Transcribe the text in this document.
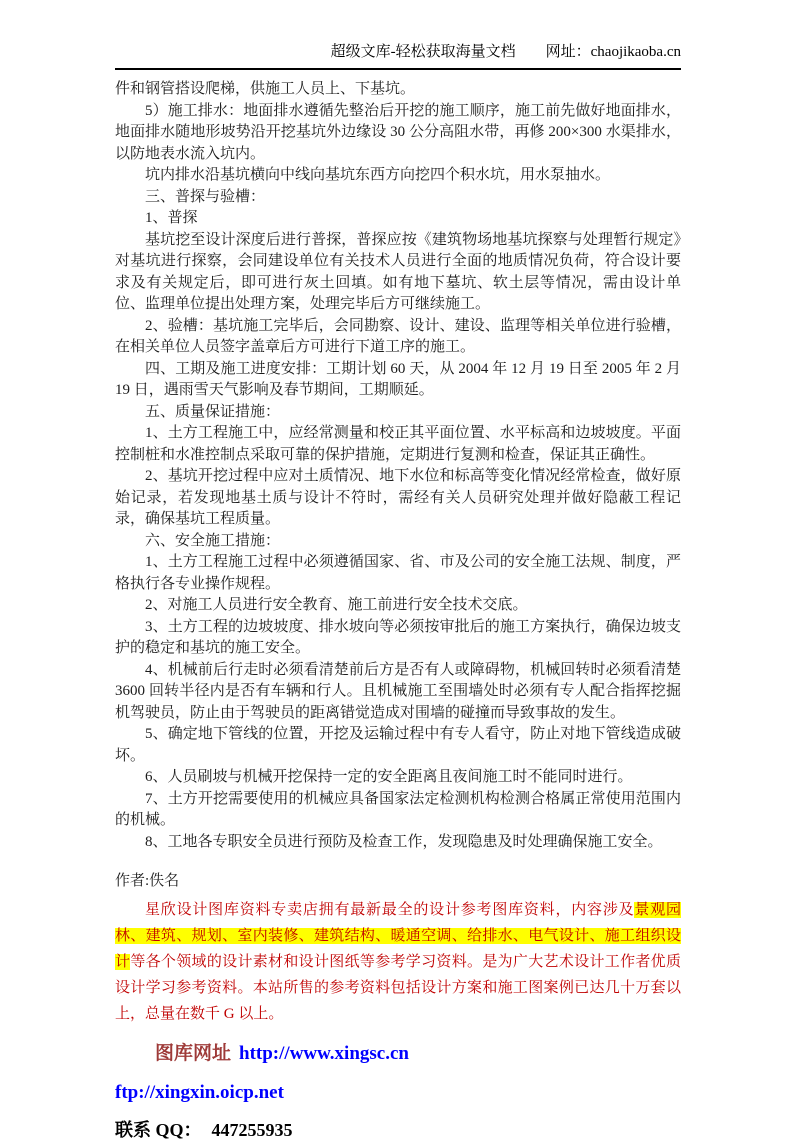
超级文库-轻松获取海量文档 网址：chaojikaoba.cn

件和钢管搭设爬梯，供施工人员上、下基坑。

5）施工排水：地面排水遵循先整治后开挖的施工顺序，施工前先做好地面排水，地面排水随地形坡势沿开挖基坑外边缘设 30 公分高阻水带，再修 200×300 水渠排水，以防地表水流入坑内。

坑内排水沿基坑横向中线向基坑东西方向挖四个积水坑，用水泵抽水。

三、普探与验槽：

1、普探

基坑挖至设计深度后进行普探，普探应按《建筑物场地基坑探察与处理暂行规定》对基坑进行探察，会同建设单位有关技术人员进行全面的地质情况负荷，符合设计要求及有关规定后，即可进行灰土回填。如有地下墓坑、软土层等情况，需由设计单位、监理单位提出处理方案，处理完毕后方可继续施工。

2、验槽：基坑施工完毕后，会同勘察、设计、建设、监理等相关单位进行验槽，在相关单位人员签字盖章后方可进行下道工序的施工。

四、工期及施工进度安排：工期计划 60 天，从 2004 年 12 月 19 日至 2005 年 2 月 19 日，遇雨雪天气影响及春节期间，工期顺延。

五、质量保证措施：

1、土方工程施工中，应经常测量和校正其平面位置、水平标高和边坡坡度。平面控制桩和水准控制点采取可靠的保护措施，定期进行复测和检查，保证其正确性。

2、基坑开挖过程中应对土质情况、地下水位和标高等变化情况经常检查，做好原始记录，若发现地基土质与设计不符时，需经有关人员研究处理并做好隐蔽工程记录，确保基坑工程质量。

六、安全施工措施：

1、土方工程施工过程中必须遵循国家、省、市及公司的安全施工法规、制度，严格执行各专业操作规程。

2、对施工人员进行安全教育、施工前进行安全技术交底。

3、土方工程的边坡坡度、排水坡向等必须按审批后的施工方案执行，确保边坡支护的稳定和基坑的施工安全。

4、机械前后行走时必须看清楚前后方是否有人或障碍物，机械回转时必须看清楚 3600 回转半径内是否有车辆和行人。且机械施工至围墙处时必须有专人配合指挥挖掘机驾驶员，防止由于驾驶员的距离错觉造成对围墙的碰撞而导致事故的发生。

5、确定地下管线的位置，开挖及运输过程中有专人看守，防止对地下管线造成破坏。

6、人员刷坡与机械开挖保持一定的安全距离且夜间施工时不能同时进行。

7、土方开挖需要使用的机械应具备国家法定检测机构检测合格属正常使用范围内的机械。

8、工地各专职安全员进行预防及检查工作，发现隐患及时处理确保施工安全。

作者:佚名

星欣设计图库资料专卖店拥有最新最全的设计参考图库资料，内容涉及景观园林、建筑、规划、室内装修、建筑结构、暖通空调、给排水、电气设计、施工组织设计等各个领域的设计素材和设计图纸等参考学习资料。是为广大艺术设计工作者优质设计学习参考资料。本站所售的参考资料包括设计方案和施工图案例已达几十万套以上，总量在数千 G 以上。

图库网址 http://www.xingsc.cn
ftp://xingxin.oicp.net
联系 QQ： 447255935
